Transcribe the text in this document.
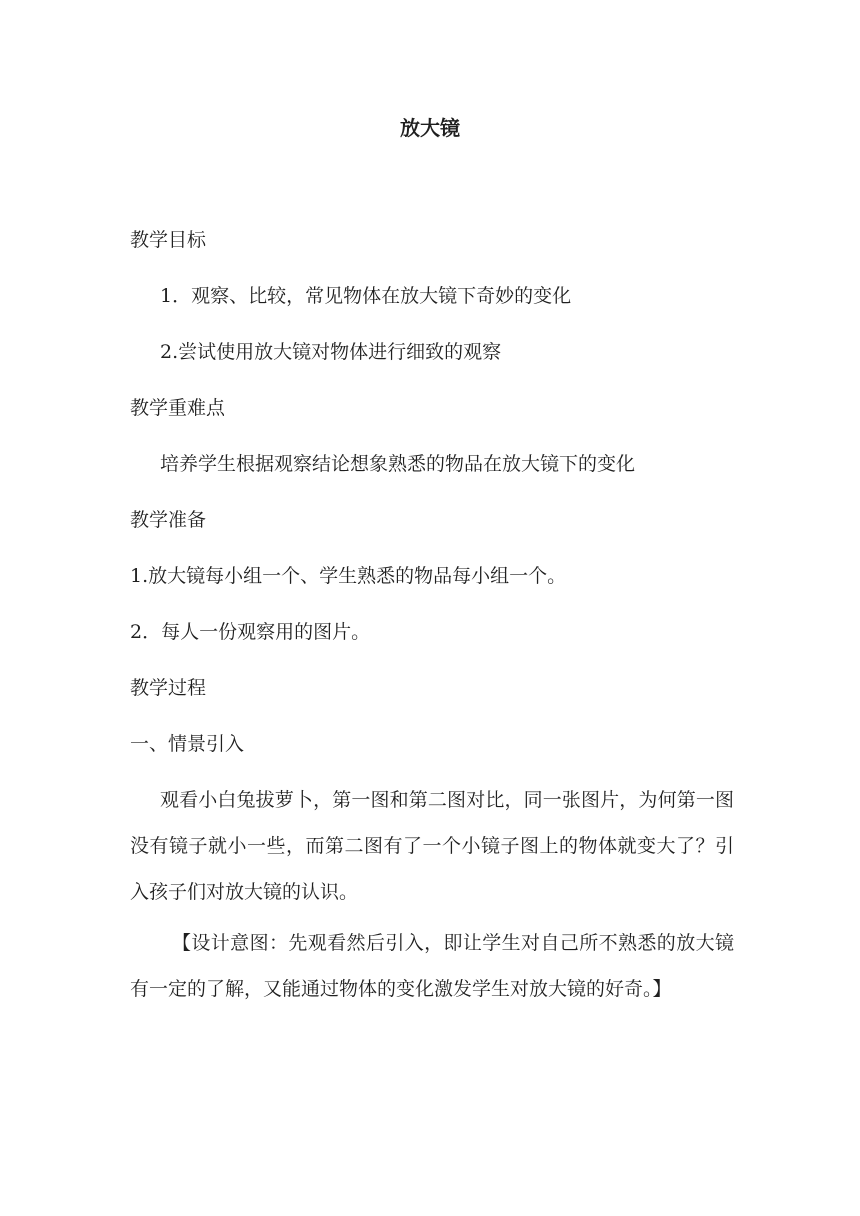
放大镜
教学目标
1．观察、比较，常见物体在放大镜下奇妙的变化
2.尝试使用放大镜对物体进行细致的观察
教学重难点
培养学生根据观察结论想象熟悉的物品在放大镜下的变化
教学准备
1.放大镜每小组一个、学生熟悉的物品每小组一个。
2．每人一份观察用的图片。
教学过程
一、情景引入
观看小白兔拔萝卜，第一图和第二图对比，同一张图片，为何第一图没有镜子就小一些，而第二图有了一个小镜子图上的物体就变大了？引入孩子们对放大镜的认识。
【设计意图：先观看然后引入，即让学生对自己所不熟悉的放大镜有一定的了解，又能通过物体的变化激发学生对放大镜的好奇。】
